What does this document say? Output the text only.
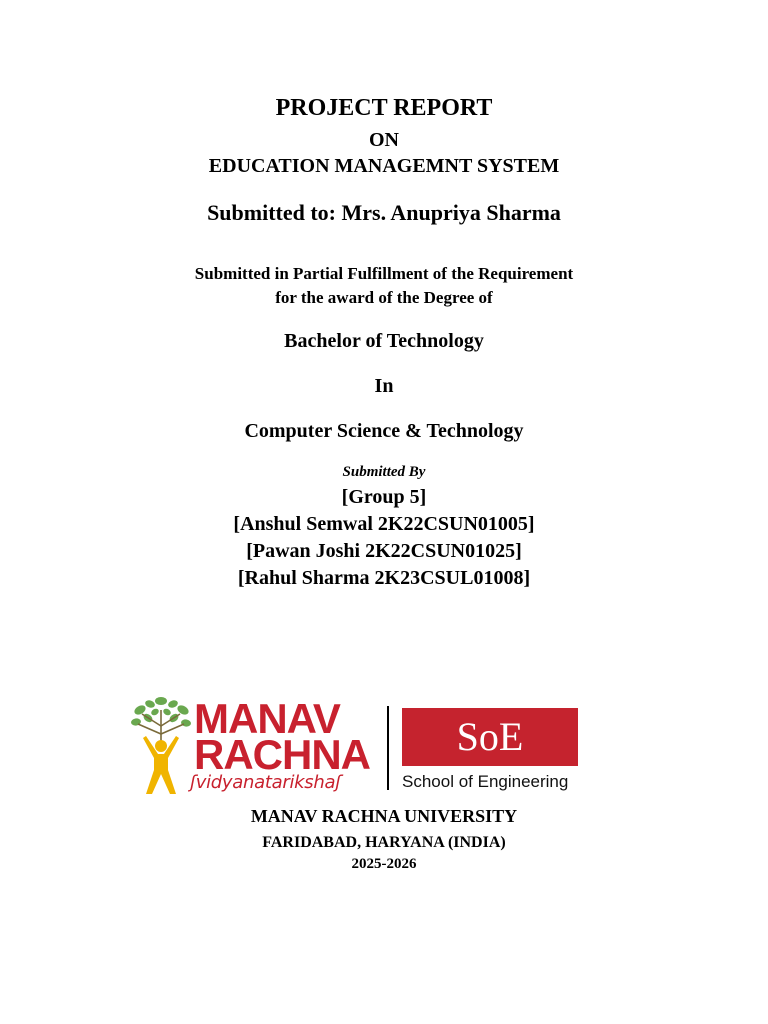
PROJECT REPORT
ON
EDUCATION MANAGEMNT SYSTEM
Submitted to: Mrs. Anupriya Sharma
Submitted in Partial Fulfillment of the Requirement
for the award of the Degree of
Bachelor of Technology
In
Computer Science & Technology
Submitted By
[Group 5]
[Anshul Semwal 2K22CSUN01005]
[Pawan Joshi 2K22CSUN01025]
[Rahul Sharma 2K23CSUL01008]
MANAV
RACHNA
ʃvidyanatarikshaʃ
SoE
School of Engineering
MANAV RACHNA UNIVERSITY
FARIDABAD, HARYANA (INDIA)
2025-2026
